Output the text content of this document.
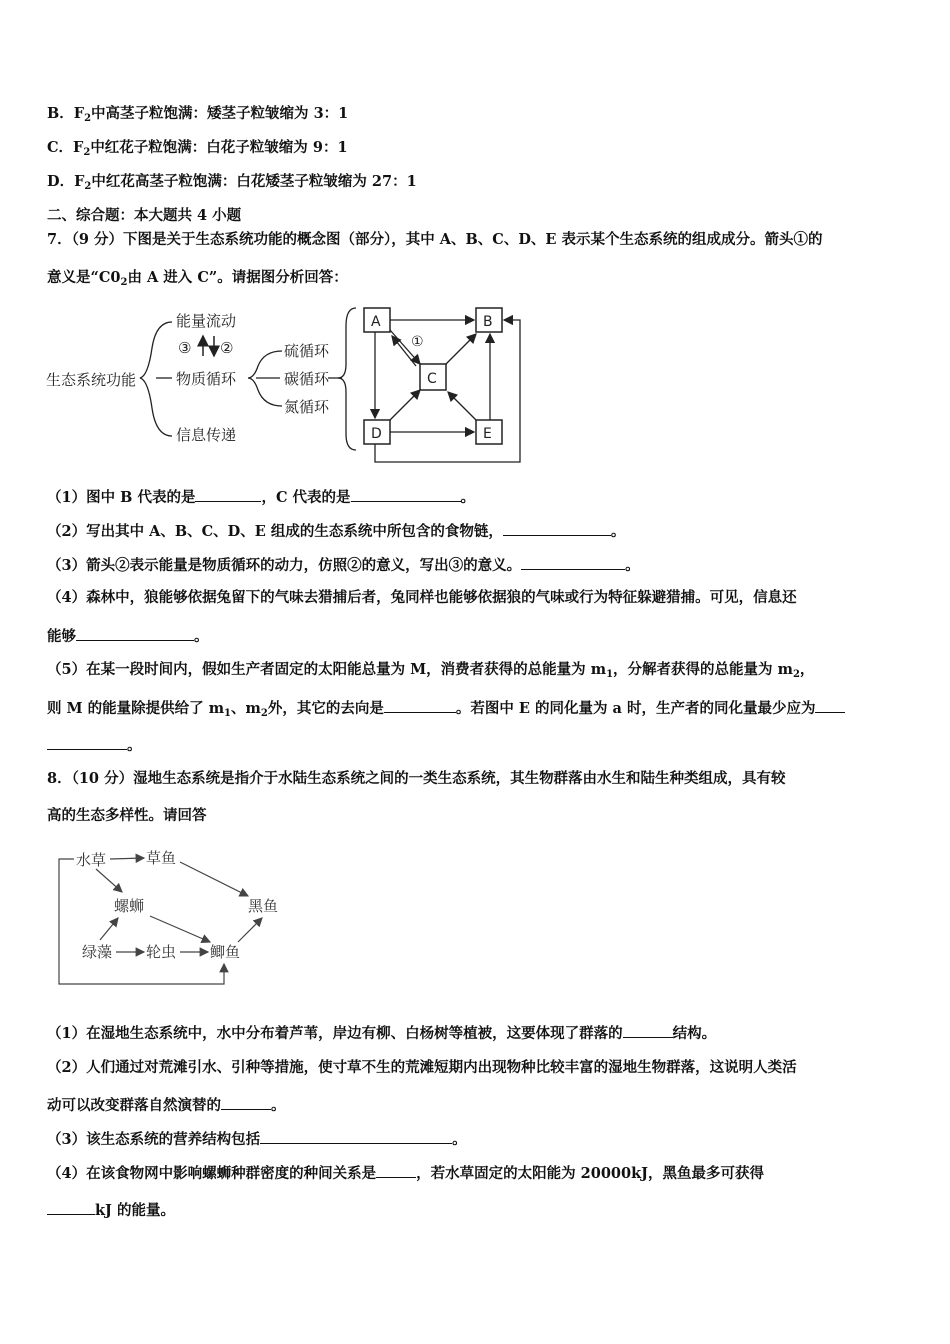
B．$F_2$中高茎子粒饱满：矮茎子粒皱缩为 3：1
C．$F_2$中红花子粒饱满：白花子粒皱缩为 9：1
D．$F_2$中红花高茎子粒饱满：白花矮茎子粒皱缩为 27：1
二、综合题：本大题共 4 小题
7．（9 分）下图是关于生态系统功能的概念图（部分），其中 A、B、C、D、E 表示某个生态系统的组成成分。箭头①的
意义是“$C0_2$由 A 进入 C”。请据图分析回答：
生态系统功能
能量流动
③ ②
物质循环
信息传递
硫循环
碳循环
氮循环
A	B
C
D	E
①
（1）图中 B 代表的是	，C 代表的是	。
（2）写出其中 A、B、C、D、E 组成的生态系统中所包含的食物链，	。
（3）箭头②表示能量是物质循环的动力，仿照②的意义，写出③的意义。	。
（4）森林中，狼能够依据兔留下的气味去猎捕后者，兔同样也能够依据狼的气味或行为特征躲避猎捕。可见，信息还
能够	。
（5）在某一段时间内，假如生产者固定的太阳能总量为 M，消费者获得的总能量为 $m_1$，分解者获得的总能量为 $m_2$，
则 M 的能量除提供给了 $m_1$、$m_2$外，其它的去向是	。若图中 E 的同化量为 a 时，生产者的同化量最少应为
。
8．（10 分）湿地生态系统是指介于水陆生态系统之间的一类生态系统，其生物群落由水生和陆生种类组成，具有较
高的生态多样性。请回答
水草	草鱼
螺蛳	黑鱼
绿藻 轮虫 鲫鱼
（1）在湿地生态系统中，水中分布着芦苇，岸边有柳、白杨树等植被，这要体现了群落的	结构。
（2）人们通过对荒滩引水、引种等措施，使寸草不生的荒滩短期内出现物种比较丰富的湿地生物群落，这说明人类活
动可以改变群落自然演替的	。
（3）该生态系统的营养结构包括	。
（4）在该食物网中影响螺蛳种群密度的种间关系是	，若水草固定的太阳能为 20000kJ，黑鱼最多可获得
kJ 的能量。
